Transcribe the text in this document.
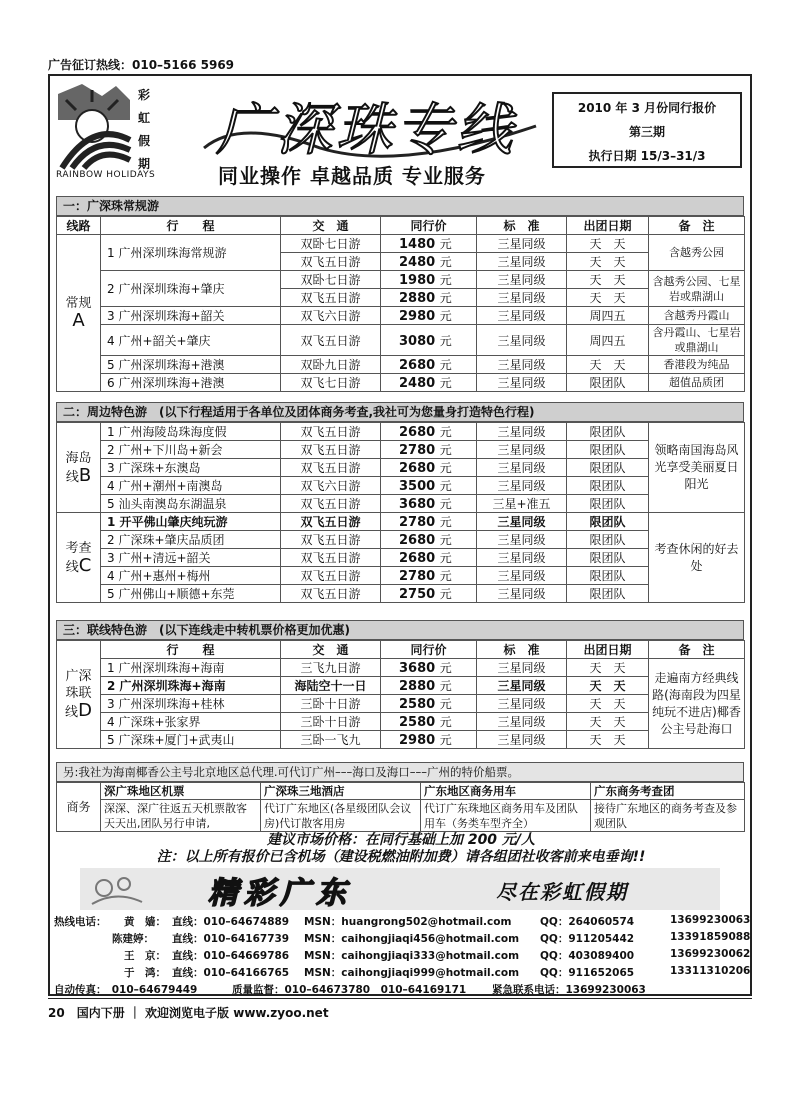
广告征订热线：010–5166 5969
彩
虹
假
期
RAINBOW HOLIDAYS
广深珠专线
同业操作 卓越品质 专业服务
2010 年 3 月份同行报价
第三期
执行日期 15/3–31/3
一：广深珠常规游
线路	行　　程	交　通	同行价	标　准	出团日期	备　注
常规
A	1 广州深圳珠海常规游	双卧七日游	1480 元	三星同级	天　天	含越秀公园
		双飞五日游	2480 元	三星同级	天　天	
	2 广州深圳珠海+肇庆	双卧七日游	1980 元	三星同级	天　天	含越秀公园、七星岩或鼎湖山
		双飞五日游	2880 元	三星同级	天　天	
	3 广州深圳珠海+韶关	双飞六日游	2980 元	三星同级	周四五	含越秀丹霞山
	4 广州+韶关+肇庆	双飞五日游	3080 元	三星同级	周四五	含丹霞山、七星岩或鼎湖山
	5 广州深圳珠海+港澳	双卧九日游	2680 元	三星同级	天　天	香港段为纯品
	6 广州深圳珠海+港澳	双飞七日游	2480 元	三星同级	限团队	超值品质团
二：周边特色游　(以下行程适用于各单位及团体商务考查,我社可为您量身打造特色行程)
海岛线B	1 广州海陵岛珠海度假	双飞五日游	2680 元	三星同级	限团队	领略南国海岛风光享受美丽夏日阳光
	2 广州+下川岛+新会	双飞五日游	2780 元	三星同级	限团队	
	3 广深珠+东澳岛	双飞五日游	2680 元	三星同级	限团队	
	4 广州+潮州+南澳岛	双飞六日游	3500 元	三星同级	限团队	
	5 汕头南澳岛东湖温泉	双飞五日游	3680 元	三星+准五	限团队	
考查线C	1 开平佛山肇庆纯玩游	双飞五日游	2780 元	三星同级	限团队	考查休闲的好去处
	2 广深珠+肇庆品质团	双飞五日游	2680 元	三星同级	限团队	
	3 广州+清远+韶关	双飞五日游	2680 元	三星同级	限团队	
	4 广州+惠州+梅州	双飞五日游	2780 元	三星同级	限团队	
	5 广州佛山+顺德+东莞	双飞五日游	2750 元	三星同级	限团队	
三：联线特色游　(以下连线走中转机票价格更加优惠)
广深珠联线D	行　　程	交　通	同行价	标　准	出团日期	备　注
	1 广州深圳珠海+海南	三飞九日游	3680 元	三星同级	天　天	走遍南方经典线路(海南段为四星纯玩不进店)椰香公主号赴海口
	2 广州深圳珠海+海南	海陆空十一日	2880 元	三星同级	天　天	
	3 广州深圳珠海+桂林	三卧十日游	2580 元	三星同级	天　天	
	4 广深珠+张家界	三卧十日游	2580 元	三星同级	天　天	
	5 广深珠+厦门+武夷山	三卧一飞九	2980 元	三星同级	天　天	
另:我社为海南椰香公主号北京地区总代理.可代订广州–––海口及海口–––广州的特价船票。
商务	深广珠地区机票	广深珠三地酒店	广东地区商务用车	广东商务考查团
	深深、深广往返五天机票散客天天出,团队另行申请,	代订广东地区(各星级团队会议房)代订散客用房	代订广东珠地区商务用车及团队用车（务类车型齐全）	接待广东地区的商务考查及参观团队
建议市场价格：在同行基础上加 200 元/人
注：以上所有报价已含机场（建设税燃油附加费）请各组团社收客前来电垂询!!
精彩广东	尽在彩虹假期
热线电话： 黄　嫱： 直线：010–64674889 MSN：huangrong502@hotmail.com	QQ：264060574	13699230063
陈建婷： 直线：010–64167739 MSN：caihongjiaqi456@hotmail.com QQ：911205442	13391859088
王　京： 直线：010–64669786 MSN：caihongjiaqi333@hotmail.com QQ：403089400	13699230062
于　鸿： 直线：010–64166765 MSN：caihongjiaqi999@hotmail.com QQ：911652065	13311310206
自动传真：　010–64679449	质量监督：010–64673780　010–64169171 紧急联系电话：13699230063
20　国内下册 ｜ 欢迎浏览电子版 www.zyoo.net
